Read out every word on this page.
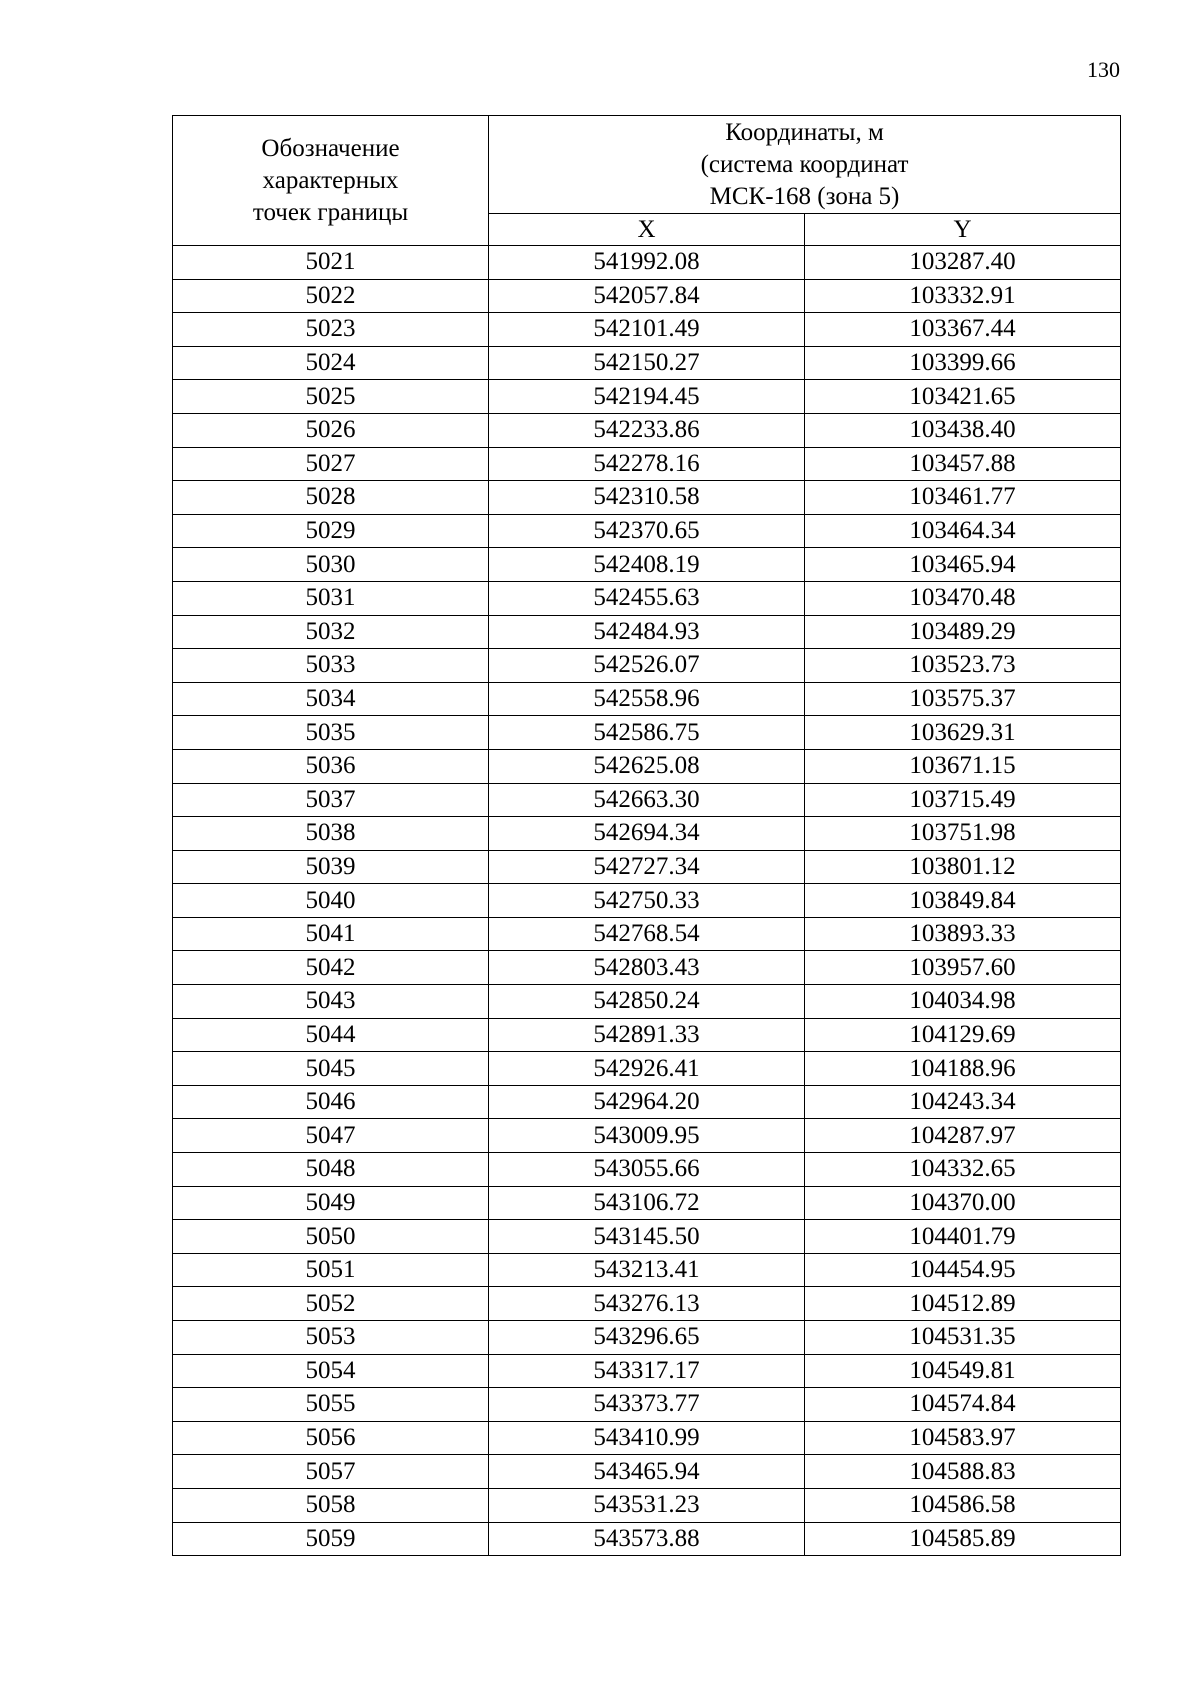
130
Обозначение
характерных
точек границы	Координаты, м
(система координат
МСК-168 (зона 5)	

	X	Y
5021	541992.08	103287.40
5022	542057.84	103332.91
5023	542101.49	103367.44
5024	542150.27	103399.66
5025	542194.45	103421.65
5026	542233.86	103438.40
5027	542278.16	103457.88
5028	542310.58	103461.77
5029	542370.65	103464.34
5030	542408.19	103465.94
5031	542455.63	103470.48
5032	542484.93	103489.29
5033	542526.07	103523.73
5034	542558.96	103575.37
5035	542586.75	103629.31
5036	542625.08	103671.15
5037	542663.30	103715.49
5038	542694.34	103751.98
5039	542727.34	103801.12
5040	542750.33	103849.84
5041	542768.54	103893.33
5042	542803.43	103957.60
5043	542850.24	104034.98
5044	542891.33	104129.69
5045	542926.41	104188.96
5046	542964.20	104243.34
5047	543009.95	104287.97
5048	543055.66	104332.65
5049	543106.72	104370.00
5050	543145.50	104401.79
5051	543213.41	104454.95
5052	543276.13	104512.89
5053	543296.65	104531.35
5054	543317.17	104549.81
5055	543373.77	104574.84
5056	543410.99	104583.97
5057	543465.94	104588.83
5058	543531.23	104586.58
5059	543573.88	104585.89
